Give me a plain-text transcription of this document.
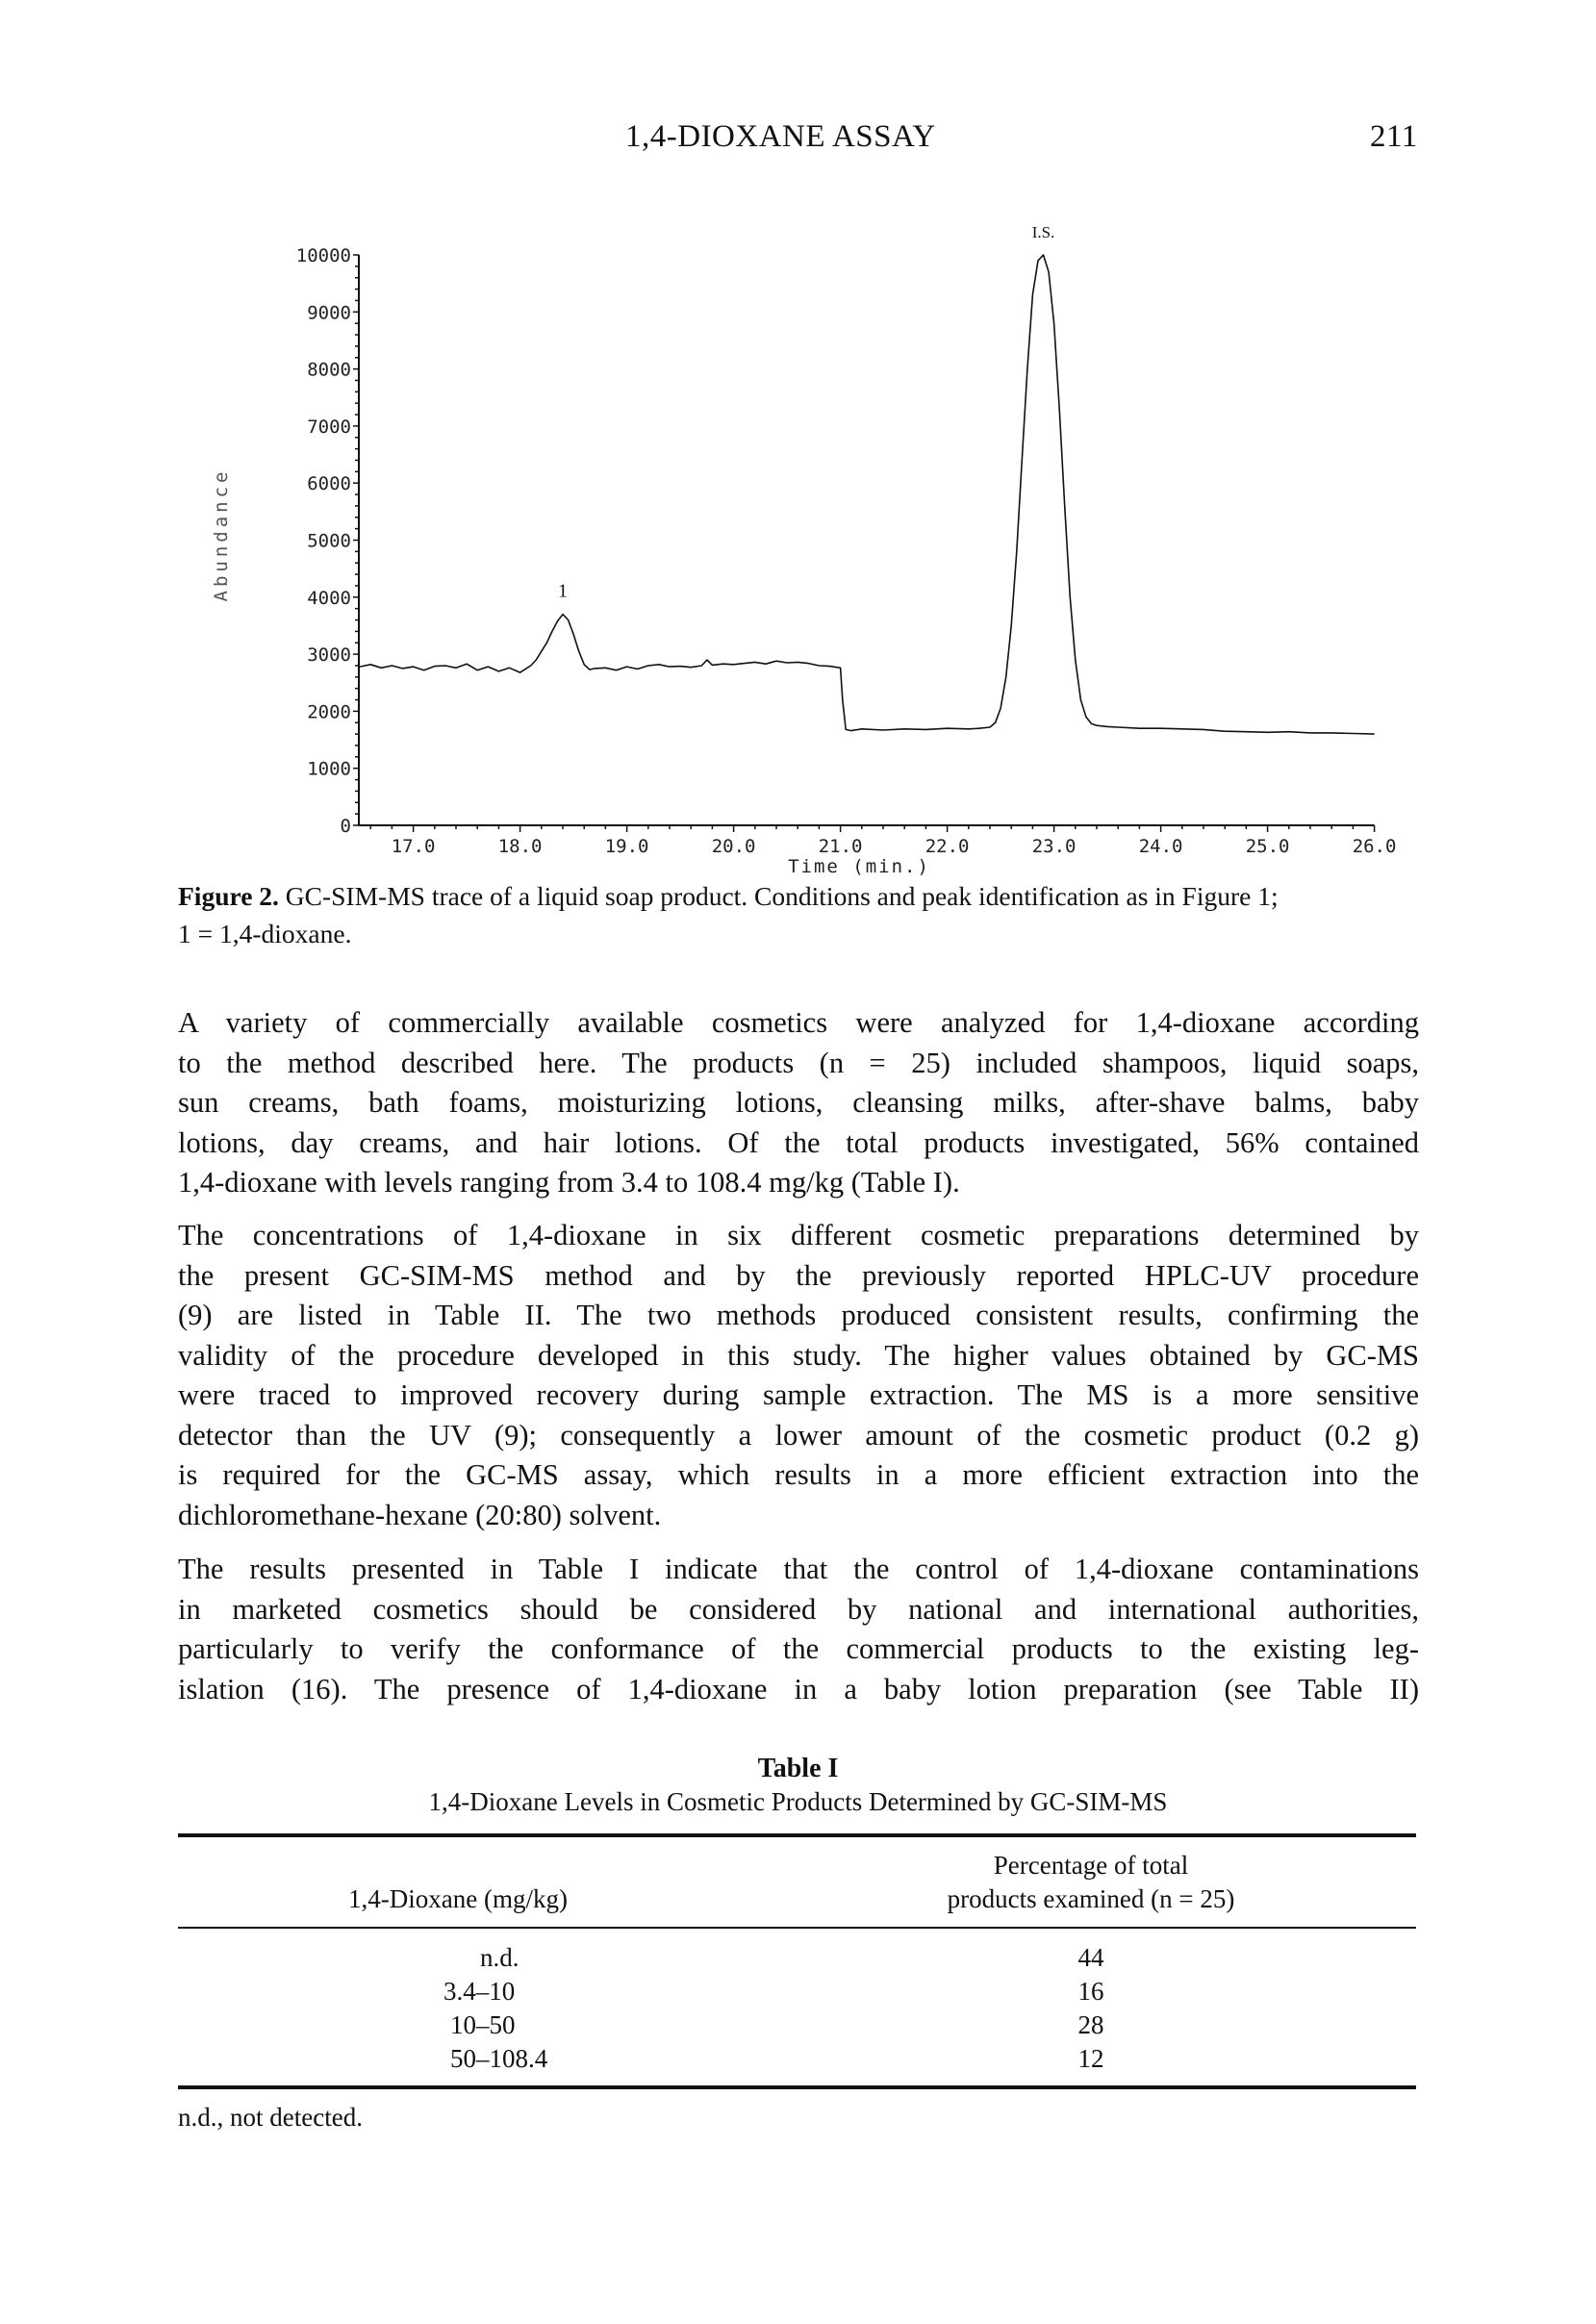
1,4-DIOXANE ASSAY	211
0
1000
2000
3000
4000
5000
6000
7000
8000
9000
10000
17.0	18.0	19.0	20.0	21.0	22.0	23.0	24.0	25.0	26.0
1
I.S.
Abundance
Time (min.)
Figure 2. GC-SIM-MS trace of a liquid soap product. Conditions and peak identification as in Figure 1;
1 = 1,4-dioxane.
A variety of commercially available cosmetics were analyzed for 1,4-dioxane according
to the method described here. The products (n = 25) included shampoos, liquid soaps,
sun creams, bath foams, moisturizing lotions, cleansing milks, after-shave balms, baby
lotions, day creams, and hair lotions. Of the total products investigated, 56% contained
1,4-dioxane with levels ranging from 3.4 to 108.4 mg/kg (Table I).
The concentrations of 1,4-dioxane in six different cosmetic preparations determined by
the present GC-SIM-MS method and by the previously reported HPLC-UV procedure
(9) are listed in Table II. The two methods produced consistent results, confirming the
validity of the procedure developed in this study. The higher values obtained by GC-MS
were traced to improved recovery during sample extraction. The MS is a more sensitive
detector than the UV (9); consequently a lower amount of the cosmetic product (0.2 g)
is required for the GC-MS assay, which results in a more efficient extraction into the
dichloromethane-hexane (20:80) solvent.
The results presented in Table I indicate that the control of 1,4-dioxane contaminations
in marketed cosmetics should be considered by national and international authorities,
particularly to verify the conformance of the commercial products to the existing leg-
islation (16). The presence of 1,4-dioxane in a baby lotion preparation (see Table II)
Table I
1,4-Dioxane Levels in Cosmetic Products Determined by GC-SIM-MS
Percentage of total
1,4-Dioxane (mg/kg)	products examined (n = 25)
n.d.	44
3.4–10	16
10–50	28
50–108.4	12
n.d., not detected.
